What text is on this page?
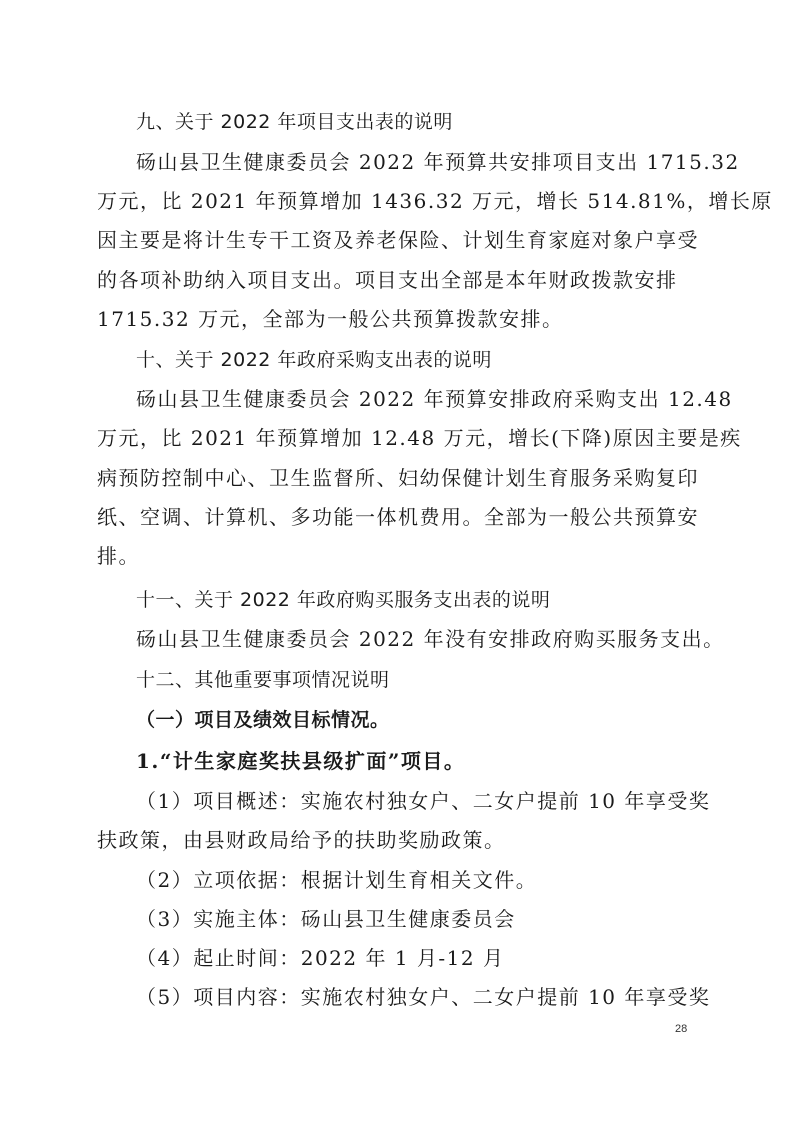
九、关于 2022 年项目支出表的说明
砀山县卫生健康委员会 2022 年预算共安排项目支出 1715.32
万元，比 2021 年预算增加 1436.32 万元，增长 514.81%，增长原
因主要是将计生专干工资及养老保险、计划生育家庭对象户享受
的各项补助纳入项目支出。项目支出全部是本年财政拨款安排
1715.32 万元，全部为一般公共预算拨款安排。
十、关于 2022 年政府采购支出表的说明
砀山县卫生健康委员会 2022 年预算安排政府采购支出 12.48
万元，比 2021 年预算增加 12.48 万元，增长(下降)原因主要是疾
病预防控制中心、卫生监督所、妇幼保健计划生育服务采购复印
纸、空调、计算机、多功能一体机费用。全部为一般公共预算安
排。
十一、关于 2022 年政府购买服务支出表的说明
砀山县卫生健康委员会 2022 年没有安排政府购买服务支出。
十二、其他重要事项情况说明
（一）项目及绩效目标情况。
1.“计生家庭奖扶县级扩面”项目。
（1）项目概述：实施农村独女户、二女户提前 10 年享受奖
扶政策，由县财政局给予的扶助奖励政策。
（2）立项依据：根据计划生育相关文件。
（3）实施主体：砀山县卫生健康委员会
（4）起止时间：2022 年 1 月-12 月
（5）项目内容：实施农村独女户、二女户提前 10 年享受奖
28
